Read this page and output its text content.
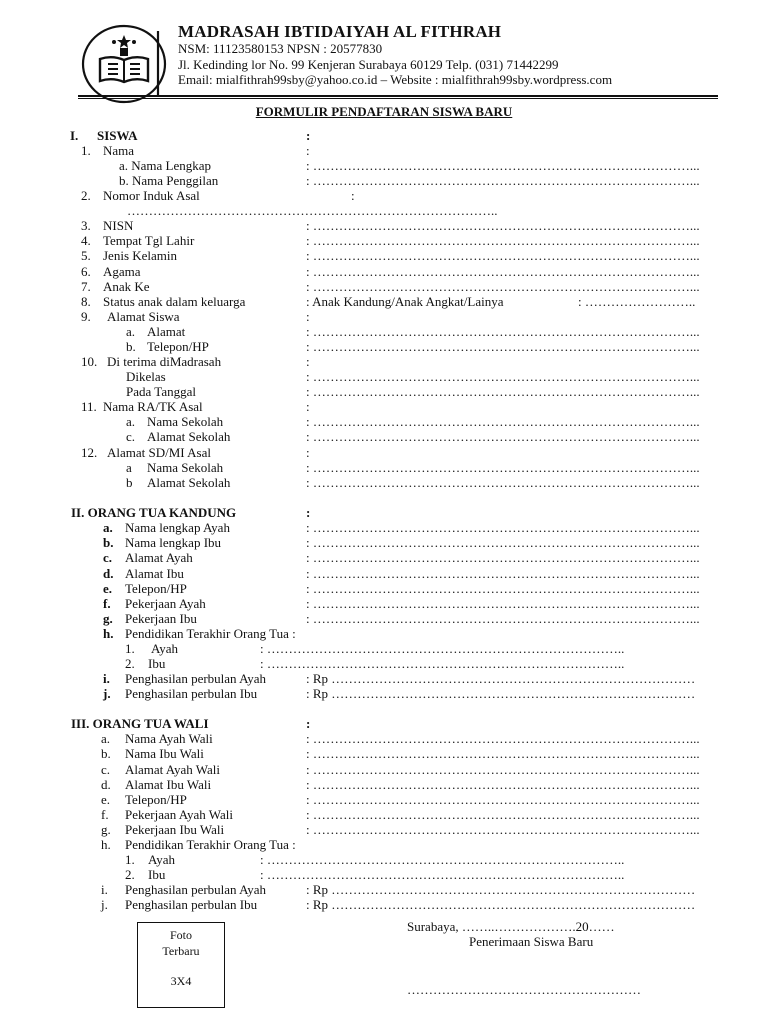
MADRASAH IBTIDAIYAH AL FITHRAH
NSM: 11123580153 NPSN : 20577830
Jl. Kedinding lor No. 99 Kenjeran Surabaya 60129 Telp. (031) 71442299
Email: mialfithrah99sby@yahoo.co.id – Website : mialfithrah99sby.wordpress.com
FORMULIR PENDAFTARAN SISWA BARU
I. SISWA	:
1. Nama	:
a. Nama Lengkap	: ……………………………………………………………………………...
b. Nama Penggilan	: ……………………………………………………………………………...
2. Nomor Induk Asal	:
…………………………………………………………………………..
3. NISN	: ……………………………………………………………………………...
4. Tempat Tgl Lahir	: ……………………………………………………………………………...
5. Jenis Kelamin	: ……………………………………………………………………………...
6. Agama	: ……………………………………………………………………………...
7. Anak Ke	: ……………………………………………………………………………...
8. Status anak dalam keluarga	: Anak Kandung/Anak Angkat/Lainya	: ……………………..
9. Alamat Siswa	:
a. Alamat	: ……………………………………………………………………………...
b. Telepon/HP	: ……………………………………………………………………………...
10. Di terima diMadrasah	:
Dikelas	: ……………………………………………………………………………...
Pada Tanggal	: ……………………………………………………………………………...
11. Nama RA/TK Asal	:
a. Nama Sekolah	: ……………………………………………………………………………...
c. Alamat Sekolah	: ……………………………………………………………………………...
12. Alamat SD/MI Asal	:
a Nama Sekolah	: ……………………………………………………………………………...
b Alamat Sekolah	: ……………………………………………………………………………...
II. ORANG TUA KANDUNG	:
a. Nama lengkap Ayah	: ……………………………………………………………………………...
b. Nama lengkap Ibu	: ……………………………………………………………………………...
c. Alamat Ayah	: ……………………………………………………………………………...
d. Alamat Ibu	: ……………………………………………………………………………...
e. Telepon/HP	: ……………………………………………………………………………...
f. Pekerjaan Ayah	: ……………………………………………………………………………...
g. Pekerjaan Ibu	: ……………………………………………………………………………...
h. Pendidikan Terakhir Orang Tua :
1. Ayah	: ………………………………………………………………………..
2. Ibu	: ………………………………………………………………………..
i. Penghasilan perbulan Ayah	: Rp …………………………………………………………………………
j. Penghasilan perbulan Ibu	: Rp …………………………………………………………………………
III. ORANG TUA WALI	:
a. Nama Ayah Wali	: ……………………………………………………………………………...
b. Nama Ibu Wali	: ……………………………………………………………………………...
c. Alamat Ayah Wali	: ……………………………………………………………………………...
d. Alamat Ibu Wali	: ……………………………………………………………………………...
e. Telepon/HP	: ……………………………………………………………………………...
f. Pekerjaan Ayah Wali	: ……………………………………………………………………………...
g. Pekerjaan Ibu Wali	: ……………………………………………………………………………...
h. Pendidikan Terakhir Orang Tua :
1. Ayah	: ………………………………………………………………………..
2. Ibu	: ………………………………………………………………………..
i. Penghasilan perbulan Ayah	: Rp …………………………………………………………………………
j. Penghasilan perbulan Ibu	: Rp …………………………………………………………………………
Foto
Terbaru
3X4
Surabaya, ……..……………….20……
Penerimaan Siswa Baru
………………………………………………
